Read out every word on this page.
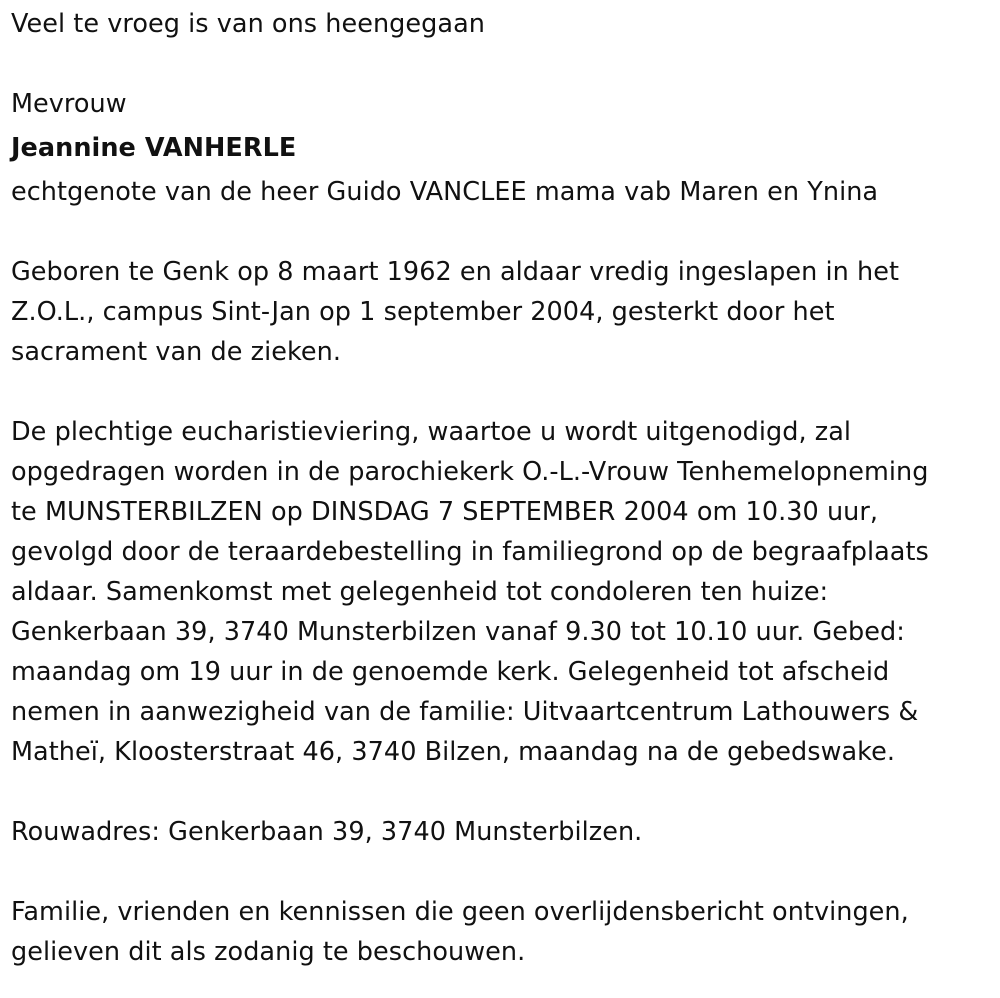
Veel te vroeg is van ons heengegaan
Mevrouw
Jeannine VANHERLE
echtgenote van de heer Guido VANCLEE mama vab Maren en Ynina
Geboren te Genk op 8 maart 1962 en aldaar vredig ingeslapen in het
Z.O.L., campus Sint-Jan op 1 september 2004, gesterkt door het
sacrament van de zieken.
De plechtige eucharistieviering, waartoe u wordt uitgenodigd, zal
opgedragen worden in de parochiekerk O.-L.-Vrouw Tenhemelopneming
te MUNSTERBILZEN op DINSDAG 7 SEPTEMBER 2004 om 10.30 uur,
gevolgd door de teraardebestelling in familiegrond op de begraafplaats
aldaar. Samenkomst met gelegenheid tot condoleren ten huize:
Genkerbaan 39, 3740 Munsterbilzen vanaf 9.30 tot 10.10 uur. Gebed:
maandag om 19 uur in de genoemde kerk. Gelegenheid tot afscheid
nemen in aanwezigheid van de familie: Uitvaartcentrum Lathouwers &
Matheï, Kloosterstraat 46, 3740 Bilzen, maandag na de gebedswake.
Rouwadres: Genkerbaan 39, 3740 Munsterbilzen.
Familie, vrienden en kennissen die geen overlijdensbericht ontvingen,
gelieven dit als zodanig te beschouwen.
